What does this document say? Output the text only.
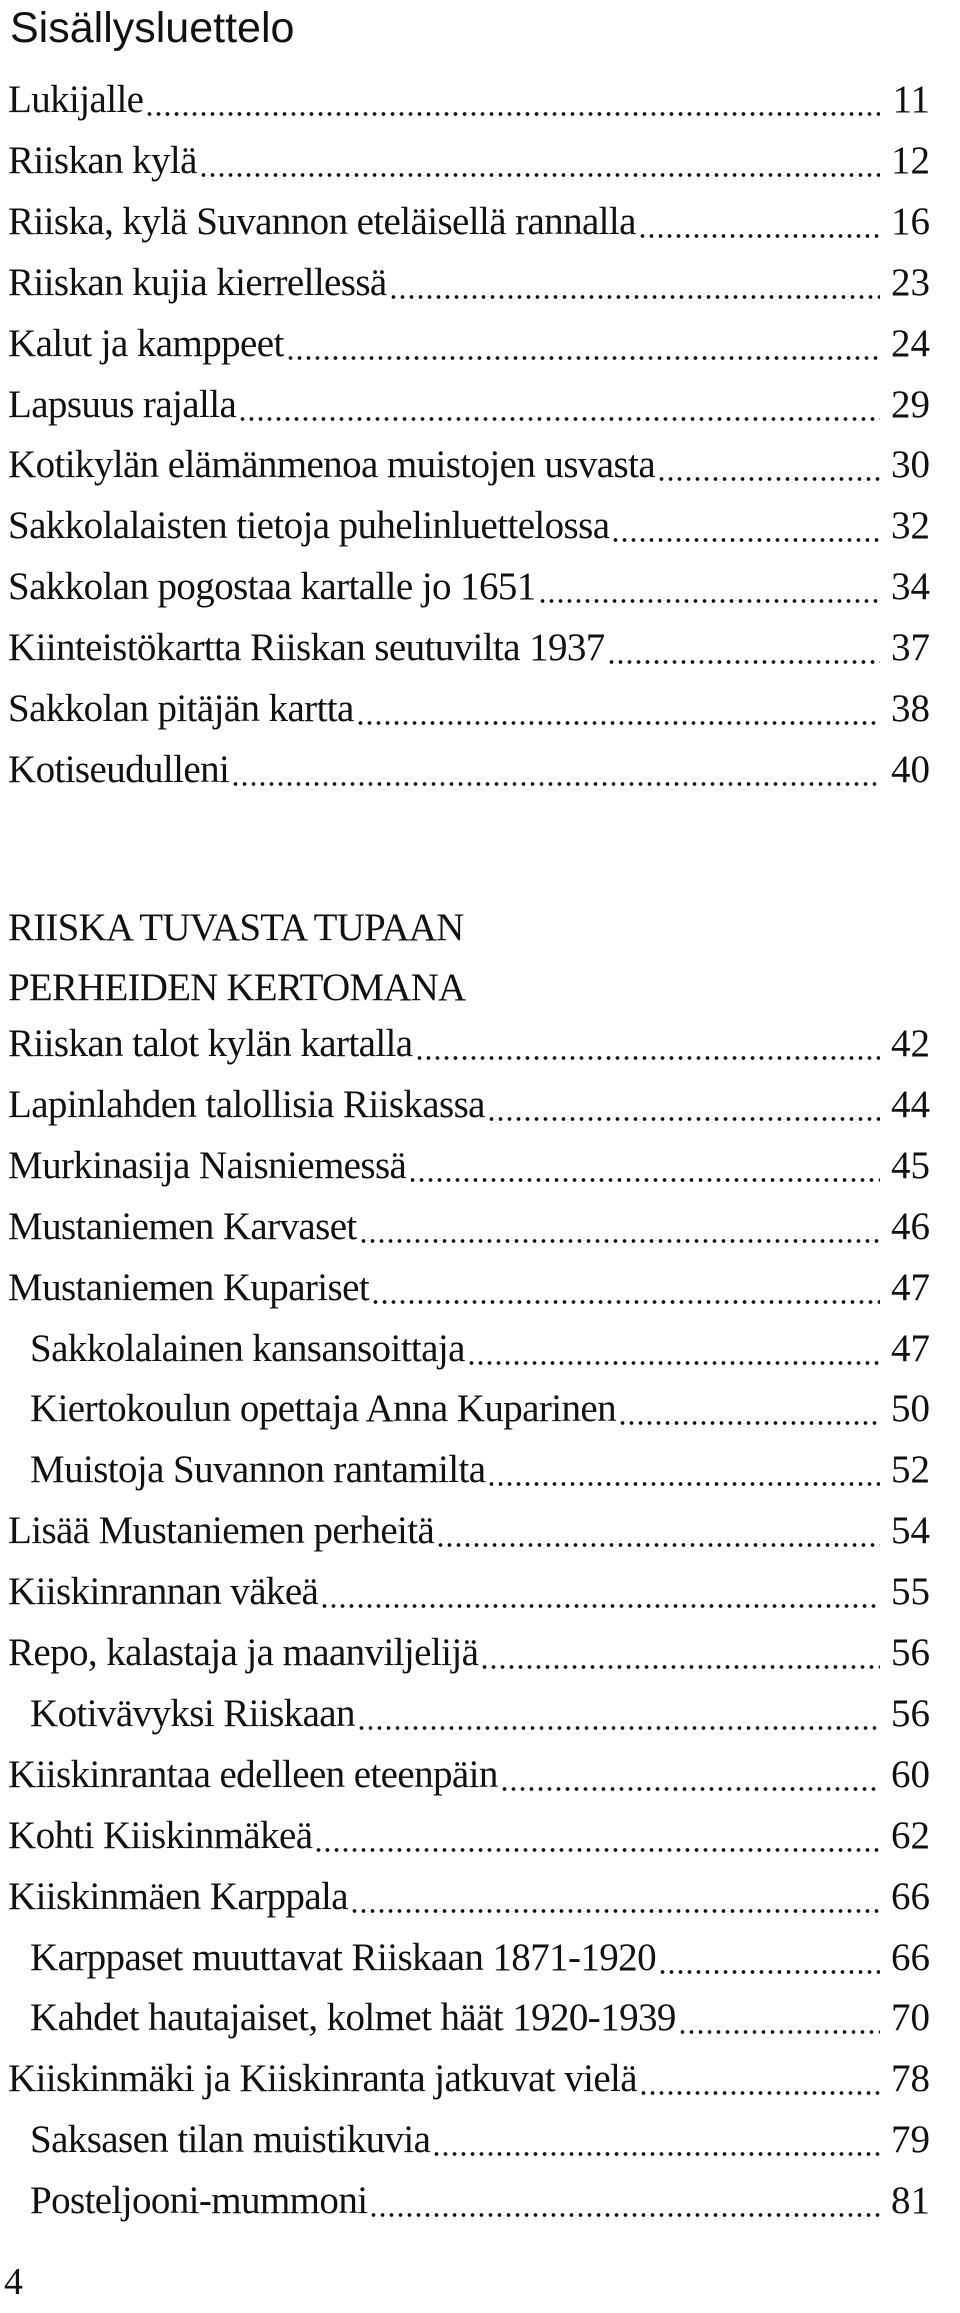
Sisällysluettelo
Lukijalle	11
Riiskan kylä	12
Riiska, kylä Suvannon eteläisellä rannalla	16
Riiskan kujia kierrellessä	23
Kalut ja kamppeet	24
Lapsuus rajalla	29
Kotikylän elämänmenoa muistojen usvasta	30
Sakkolalaisten tietoja puhelinluettelossa	32
Sakkolan pogostaa kartalle jo 1651	34
Kiinteistökartta Riiskan seutuvilta 1937	37
Sakkolan pitäjän kartta	38
Kotiseudulleni	40
RIISKA TUVASTA TUPAAN
PERHEIDEN KERTOMANA
Riiskan talot kylän kartalla	42
Lapinlahden talollisia Riiskassa	44
Murkinasija Naisniemessä	45
Mustaniemen Karvaset	46
Mustaniemen Kupariset	47
Sakkolalainen kansansoittaja	47
Kiertokoulun opettaja Anna Kuparinen	50
Muistoja Suvannon rantamilta	52
Lisää Mustaniemen perheitä	54
Kiiskinrannan väkeä	55
Repo, kalastaja ja maanviljelijä	56
Kotivävyksi Riiskaan	56
Kiiskinrantaa edelleen eteenpäin	60
Kohti Kiiskinmäkeä	62
Kiiskinmäen Karppala	66
Karppaset muuttavat Riiskaan 1871-1920	66
Kahdet hautajaiset, kolmet häät 1920-1939	70
Kiiskinmäki ja Kiiskinranta jatkuvat vielä	78
Saksasen tilan muistikuvia	79
Posteljooni-mummoni	81
4
